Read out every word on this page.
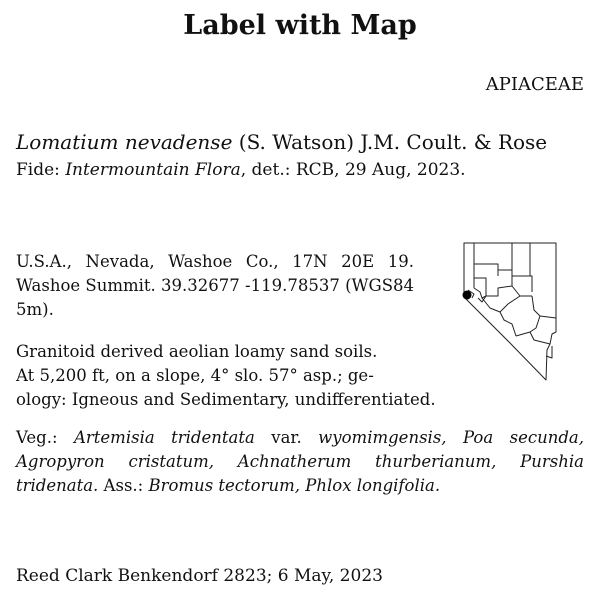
Label with Map
APIACEAE
Lomatium nevadense (S. Watson) J.M. Coult. & Rose
Fide: Intermountain Flora, det.: RCB, 29 Aug, 2023.
U.S.A., Nevada, Washoe Co., 17N 20E 19. Washoe Summit. 39.32677 -119.78537 (WGS84 5m).
Granitoid derived aeolian loamy sand soils.
At 5,200 ft, on a slope, 4° slo. 57° asp.; ge-
ology: Igneous and Sedimentary, undifferentiated.
Veg.: Artemisia tridentata var. wyomimgensis, Poa secunda, Agropyron cristatum, Achnatherum thurberianum, Purshia tridenata. Ass.: Bromus tectorum, Phlox longifolia.
Reed Clark Benkendorf 2823; 6 May, 2023
